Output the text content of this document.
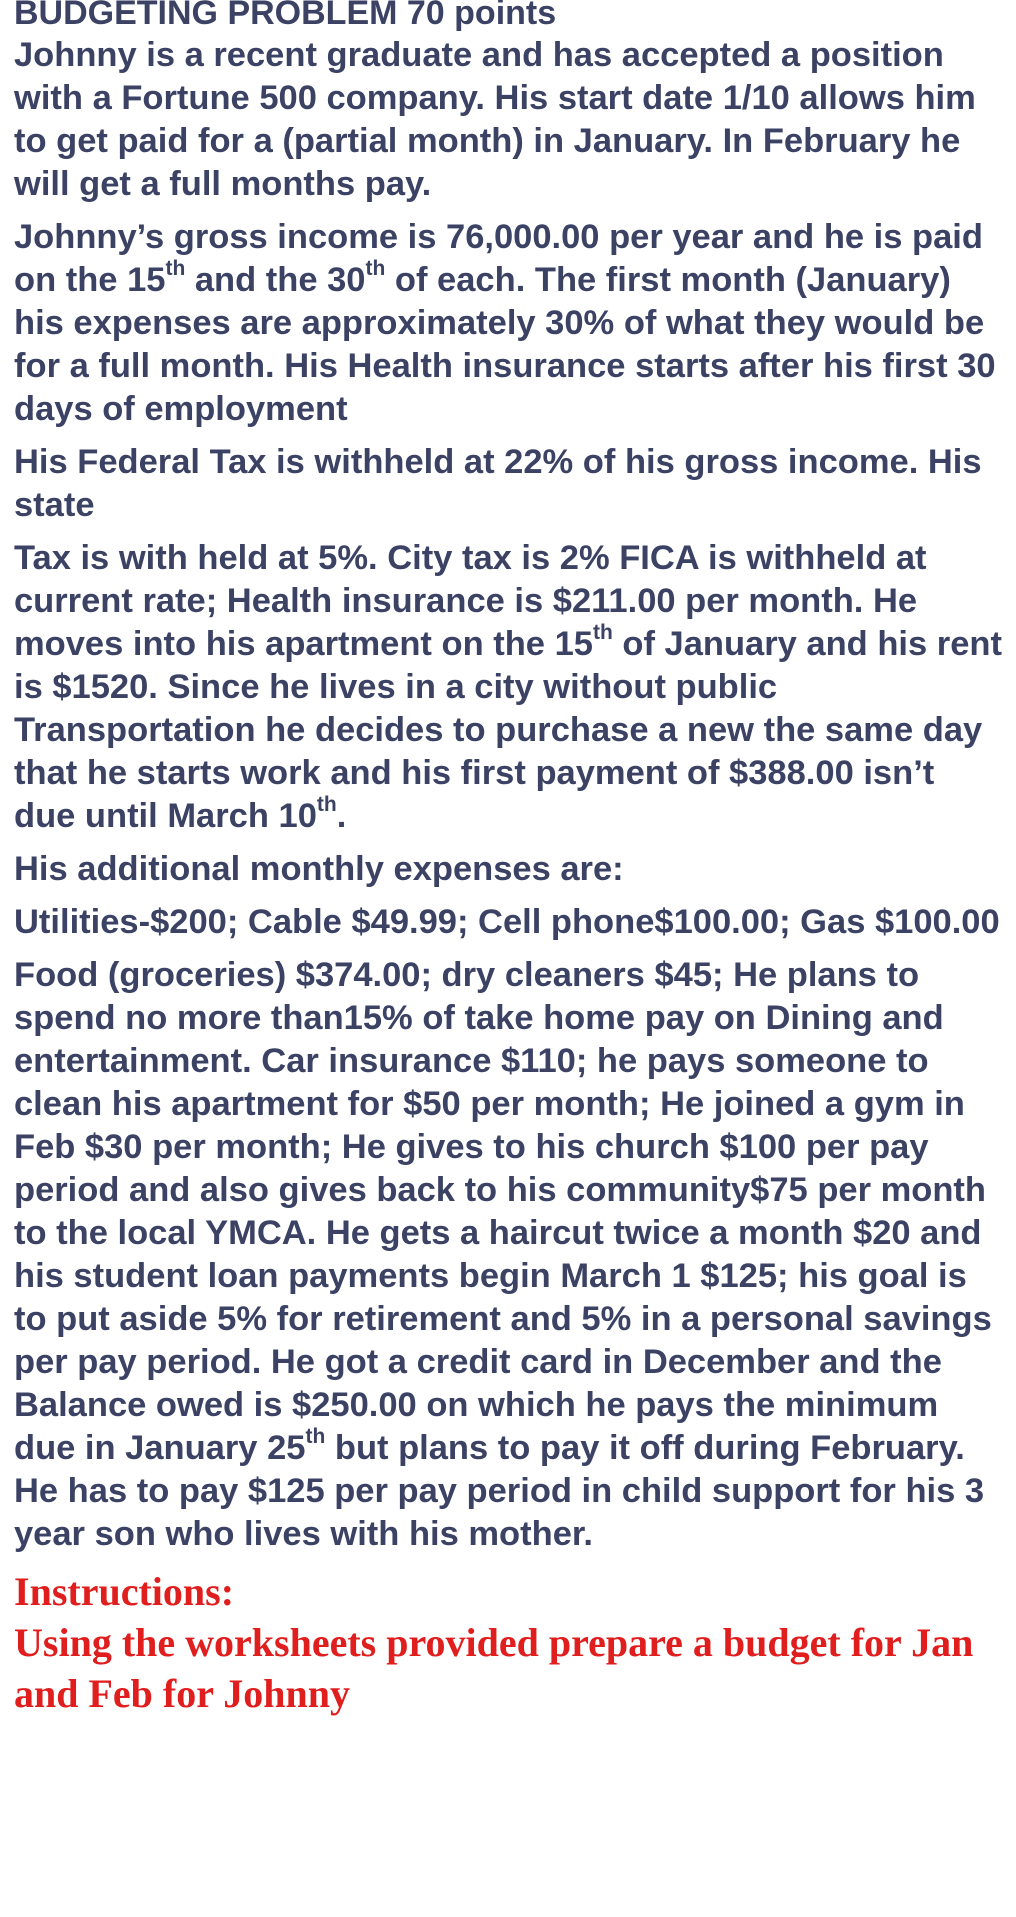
BUDGETING PROBLEM 70 points

Johnny is a recent graduate and has accepted a position with a Fortune 500 company. His start date 1/10 allows him to get paid for a (partial month) in January. In February he will get a full months pay.

Johnny’s gross income is 76,000.00 per year and he is paid on the 15th and the 30th of each. The first month (January) his expenses are approximately 30% of what they would be for a full month. His Health insurance starts after his first 30 days of employment

His Federal Tax is withheld at 22% of his gross income. His state

Tax is with held at 5%. City tax is 2% FICA is withheld at current rate; Health insurance is $211.00 per month. He moves into his apartment on the 15th of January and his rent is $1520. Since he lives in a city without public Transportation he decides to purchase a new the same day that he starts work and his first payment of $388.00 isn’t due until March 10th.

His additional monthly expenses are:

Utilities-$200; Cable $49.99; Cell phone$100.00; Gas $100.00

Food (groceries) $374.00; dry cleaners $45; He plans to spend no more than15% of take home pay on Dining and entertainment. Car insurance $110; he pays someone to clean his apartment for $50 per month; He joined a gym in Feb $30 per month; He gives to his church $100 per pay period and also gives back to his community$75 per month to the local YMCA. He gets a haircut twice a month $20 and his student loan payments begin March 1 $125; his goal is to put aside 5% for retirement and 5% in a personal savings per pay period. He got a credit card in December and the Balance owed is $250.00 on which he pays the minimum due in January 25th but plans to pay it off during February. He has to pay $125 per pay period in child support for his 3 year son who lives with his mother.

Instructions:

Using the worksheets provided prepare a budget for Jan and Feb for Johnny
